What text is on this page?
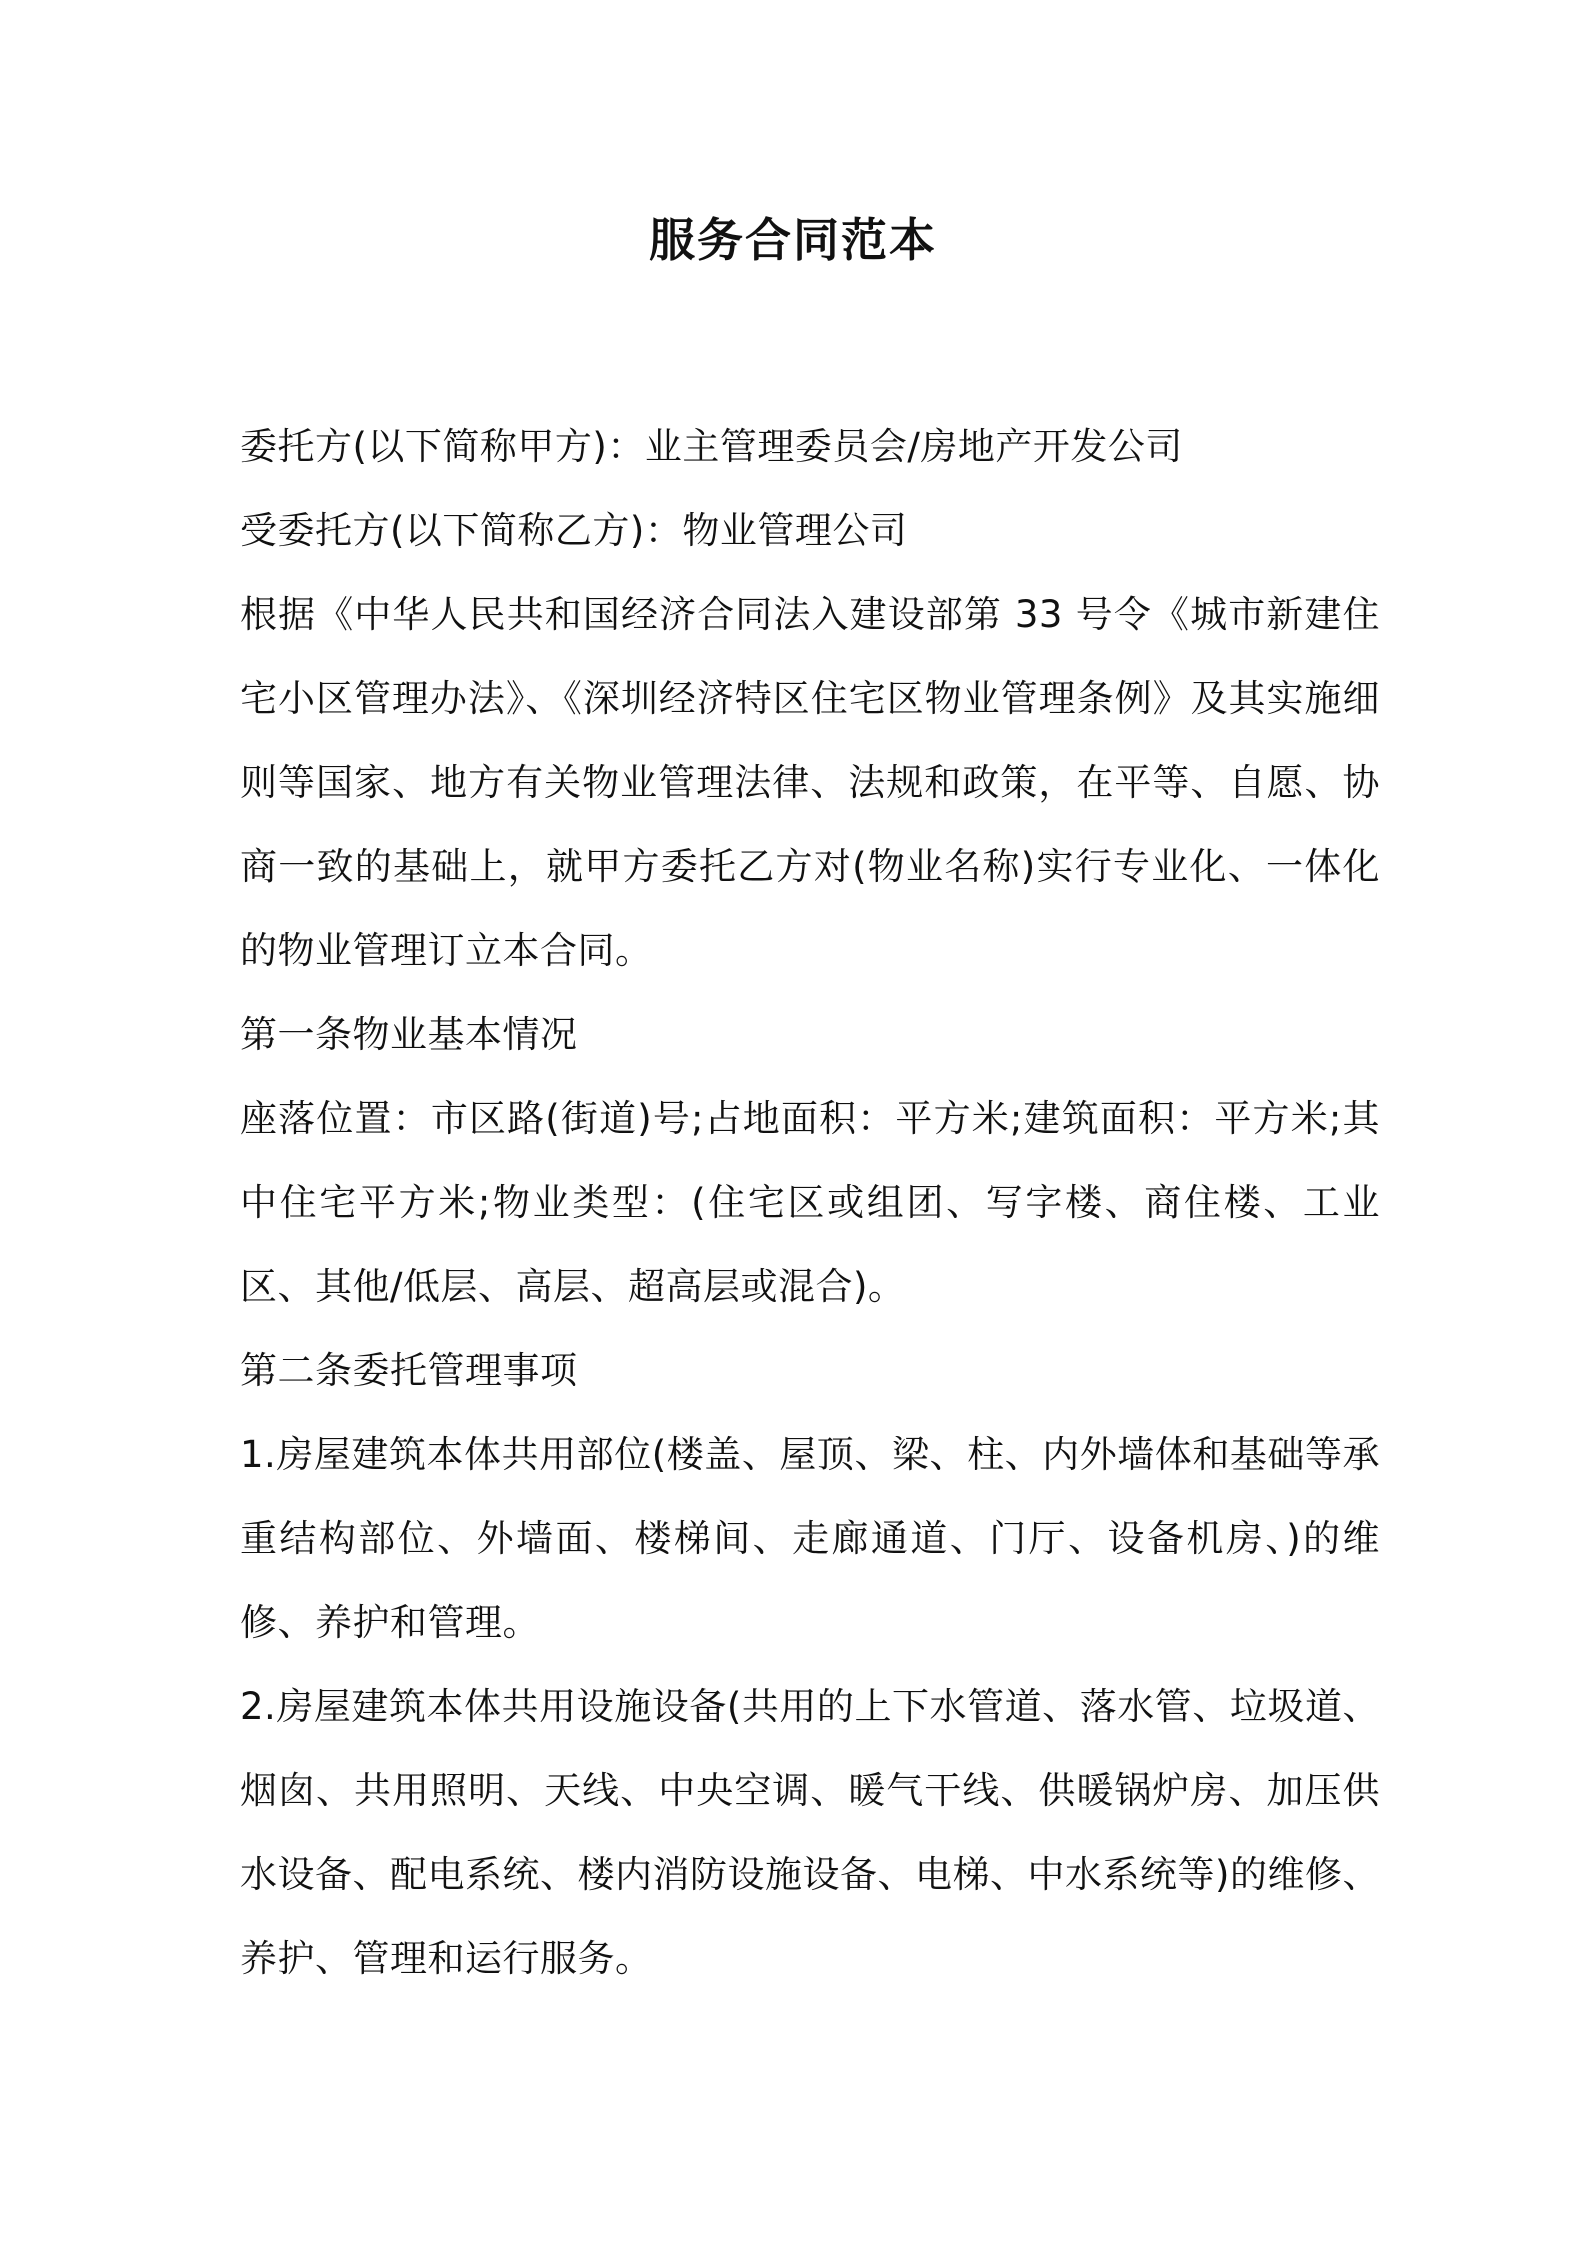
服务合同范本

委托方(以下简称甲方)：业主管理委员会/房地产开发公司

受委托方(以下简称乙方)：物业管理公司

根据《中华人民共和国经济合同法入建设部第 33 号令《城市新建住宅小区管理办法》、《深圳经济特区住宅区物业管理条例》及其实施细则等国家、地方有关物业管理法律、法规和政策，在平等、自愿、协商一致的基础上，就甲方委托乙方对(物业名称)实行专业化、一体化的物业管理订立本合同。

第一条物业基本情况

座落位置：市区路(街道)号;占地面积：平方米;建筑面积：平方米;其中住宅平方米;物业类型：(住宅区或组团、写字楼、商住楼、工业区、其他/低层、高层、超高层或混合)。

第二条委托管理事项

1.房屋建筑本体共用部位(楼盖、屋顶、梁、柱、内外墙体和基础等承重结构部位、外墙面、楼梯间、走廊通道、门厅、设备机房、)的维修、养护和管理。

2.房屋建筑本体共用设施设备(共用的上下水管道、落水管、垃圾道、烟囱、共用照明、天线、中央空调、暖气干线、供暖锅炉房、加压供水设备、配电系统、楼内消防设施设备、电梯、中水系统等)的维修、养护、管理和运行服务。
